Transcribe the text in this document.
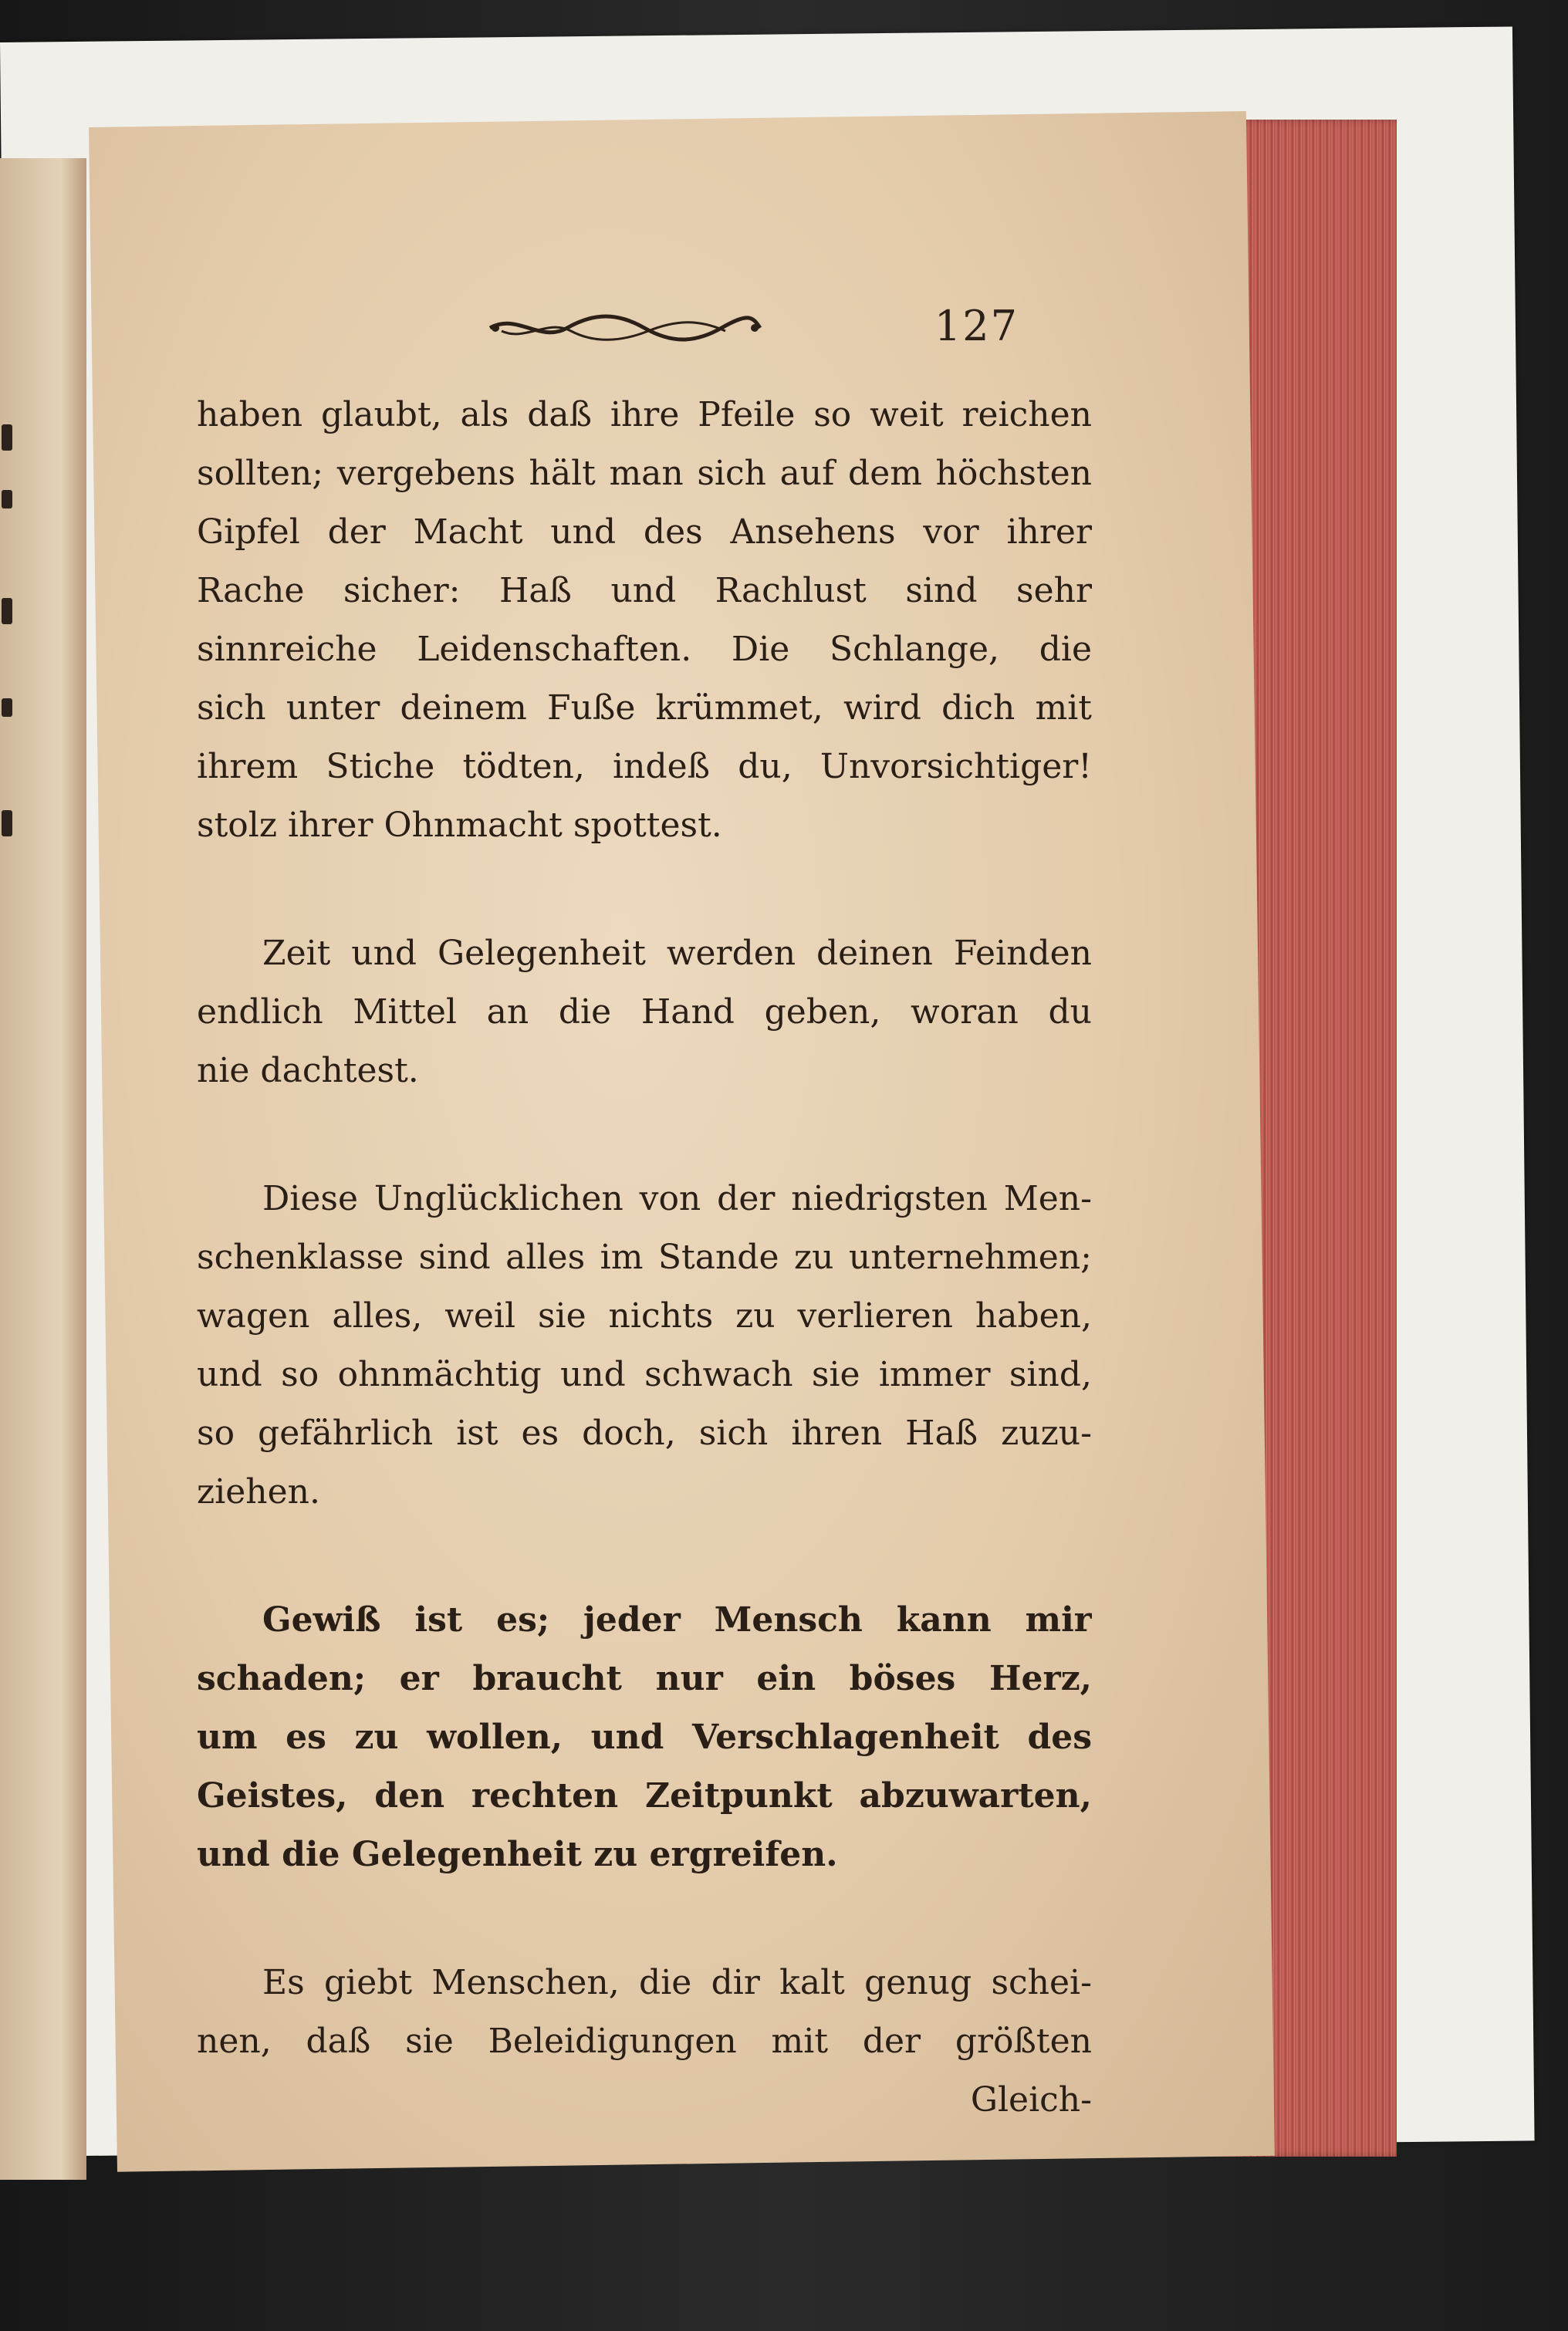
127
haben glaubt, als daß ihre Pfeile so weit reichen
sollten; vergebens hält man sich auf dem höchsten
Gipfel der Macht und des Ansehens vor ihrer
Rache sicher: Haß und Rachlust sind sehr
sinnreiche Leidenschaften. Die Schlange, die
sich unter deinem Fuße krümmet, wird dich mit
ihrem Stiche tödten, indeß du, Unvorsichtiger!
stolz ihrer Ohnmacht spottest.
Zeit und Gelegenheit werden deinen Feinden
endlich Mittel an die Hand geben, woran du
nie dachtest.
Diese Unglücklichen von der niedrigsten Men-
schenklasse sind alles im Stande zu unternehmen;
wagen alles, weil sie nichts zu verlieren haben,
und so ohnmächtig und schwach sie immer sind,
so gefährlich ist es doch, sich ihren Haß zuzu-
ziehen.
Gewiß ist es; jeder Mensch kann mir
schaden; er braucht nur ein böses Herz,
um es zu wollen, und Verschlagenheit des
Geistes, den rechten Zeitpunkt abzuwarten,
und die Gelegenheit zu ergreifen.
Es giebt Menschen, die dir kalt genug schei-
nen, daß sie Beleidigungen mit der größten
Gleich-
